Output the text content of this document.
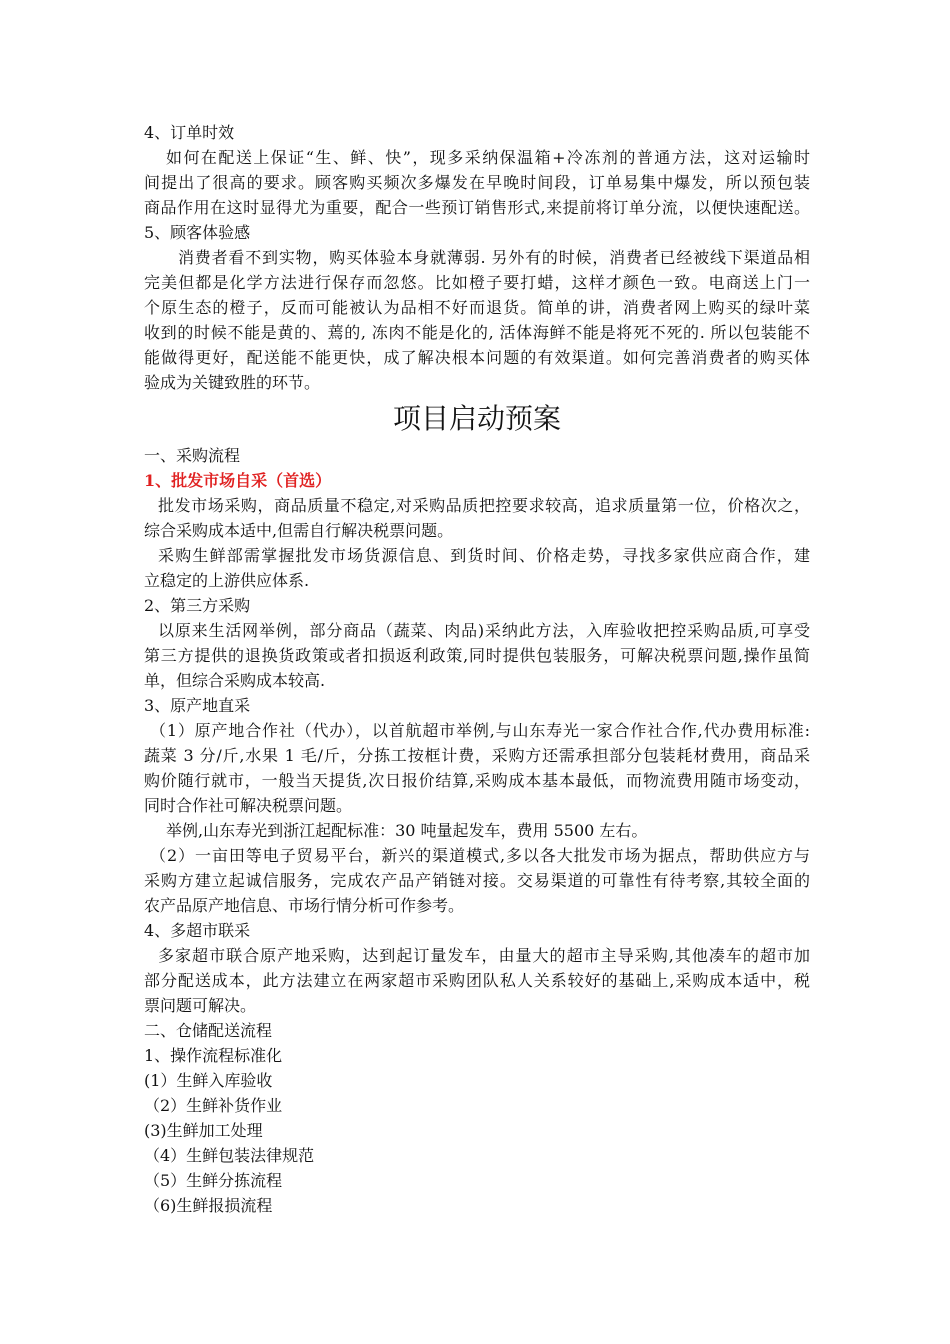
4、订单时效
如何在配送上保证“生、鲜、快”，现多采纳保温箱+冷冻剂的普通方法，这对运输时
间提出了很高的要求。顾客购买频次多爆发在早晚时间段，订单易集中爆发，所以预包装
商品作用在这时显得尤为重要，配合一些预订销售形式,来提前将订单分流，以便快速配送。
5、顾客体验感
消费者看不到实物，购买体验本身就薄弱. 另外有的时候，消费者已经被线下渠道品相
完美但都是化学方法进行保存而忽悠。比如橙子要打蜡，这样才颜色一致。电商送上门一
个原生态的橙子，反而可能被认为品相不好而退货。简单的讲，消费者网上购买的绿叶菜
收到的时候不能是黄的、蔫的, 冻肉不能是化的, 活体海鲜不能是将死不死的. 所以包装能不
能做得更好，配送能不能更快，成了解决根本问题的有效渠道。如何完善消费者的购买体
验成为关键致胜的环节。
项目启动预案
一、采购流程
1、批发市场自采（首选）
批发市场采购，商品质量不稳定,对采购品质把控要求较高，追求质量第一位，价格次之，
综合采购成本适中,但需自行解决税票问题。
采购生鲜部需掌握批发市场货源信息、到货时间、价格走势，寻找多家供应商合作，建
立稳定的上游供应体系.
2、第三方采购
以原来生活网举例，部分商品（蔬菜、肉品)采纳此方法，入库验收把控采购品质,可享受
第三方提供的退换货政策或者扣损返利政策,同时提供包装服务，可解决税票问题,操作虽简
单，但综合采购成本较高.
3、原产地直采
（1）原产地合作社（代办），以首航超市举例,与山东寿光一家合作社合作,代办费用标准:
蔬菜 3 分/斤,水果 1 毛/斤，分拣工按框计费，采购方还需承担部分包装耗材费用，商品采
购价随行就市，一般当天提货,次日报价结算,采购成本基本最低，而物流费用随市场变动，
同时合作社可解决税票问题。
举例,山东寿光到浙江起配标准：30 吨量起发车，费用 5500 左右。
（2）一亩田等电子贸易平台，新兴的渠道模式,多以各大批发市场为据点，帮助供应方与
采购方建立起诚信服务，完成农产品产销链对接。交易渠道的可靠性有待考察,其较全面的
农产品原产地信息、市场行情分析可作参考。
4、多超市联采
多家超市联合原产地采购，达到起订量发车，由量大的超市主导采购,其他凑车的超市加
部分配送成本，此方法建立在两家超市采购团队私人关系较好的基础上,采购成本适中，税
票问题可解决。
二、仓储配送流程
1、操作流程标准化
(1）生鲜入库验收
（2）生鲜补货作业
(3)生鲜加工处理
（4）生鲜包装法律规范
（5）生鲜分拣流程
（6)生鲜报损流程
